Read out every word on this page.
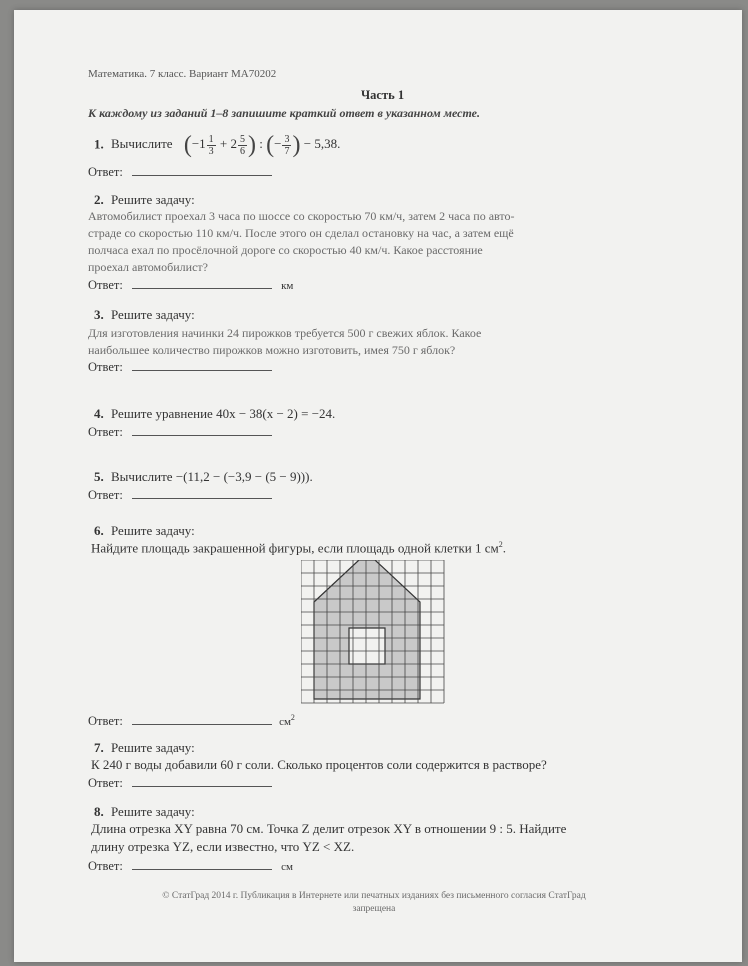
Математика. 7 класс. Вариант МА70202
Часть 1
К каждому из заданий 1–8 запишите краткий ответ в указанном месте.
1. Вычислите ($-1 \frac{1}{3} + 2 \frac{5}{6}$ ) : (− $\frac{3}{7}$ ) − 5,38.
Ответ:
2. Решите задачу:
Автомобилист проехал 3 часа по шоссе со скоростью 70 км/ч, затем 2 часа по авто-
страде со скоростью 110 км/ч. После этого он сделал остановку на час, а затем ещё
полчаса ехал по просёлочной дороге со скоростью 40 км/ч. Какое расстояние
проехал автомобилист?
Ответ:	км
3. Решите задачу:
Для изготовления начинки 24 пирожков требуется 500 г свежих яблок. Какое
наибольшее количество пирожков можно изготовить, имея 750 г яблок?
Ответ:
4. Решите уравнение 40x − 38(x − 2) = −24.
Ответ:
5. Вычислите −(11,2 − (−3,9 − (5 − 9))).
Ответ:
6. Решите задачу:
Найдите площадь закрашенной фигуры, если площадь одной клетки 1 $см^2$.
Ответ:	$см^2$
7. Решите задачу:
К 240 г воды добавили 60 г соли. Сколько процентов соли содержится в растворе?
Ответ:
8. Решите задачу:
Длина отрезка XY равна 70 см. Точка Z делит отрезок XY в отношении 9 : 5. Найдите
длину отрезка YZ, если известно, что YZ < XZ.
Ответ:	см
© СтатГрад 2014 г. Публикация в Интернете или печатных изданиях без письменного согласия СтатГрад
запрещена
